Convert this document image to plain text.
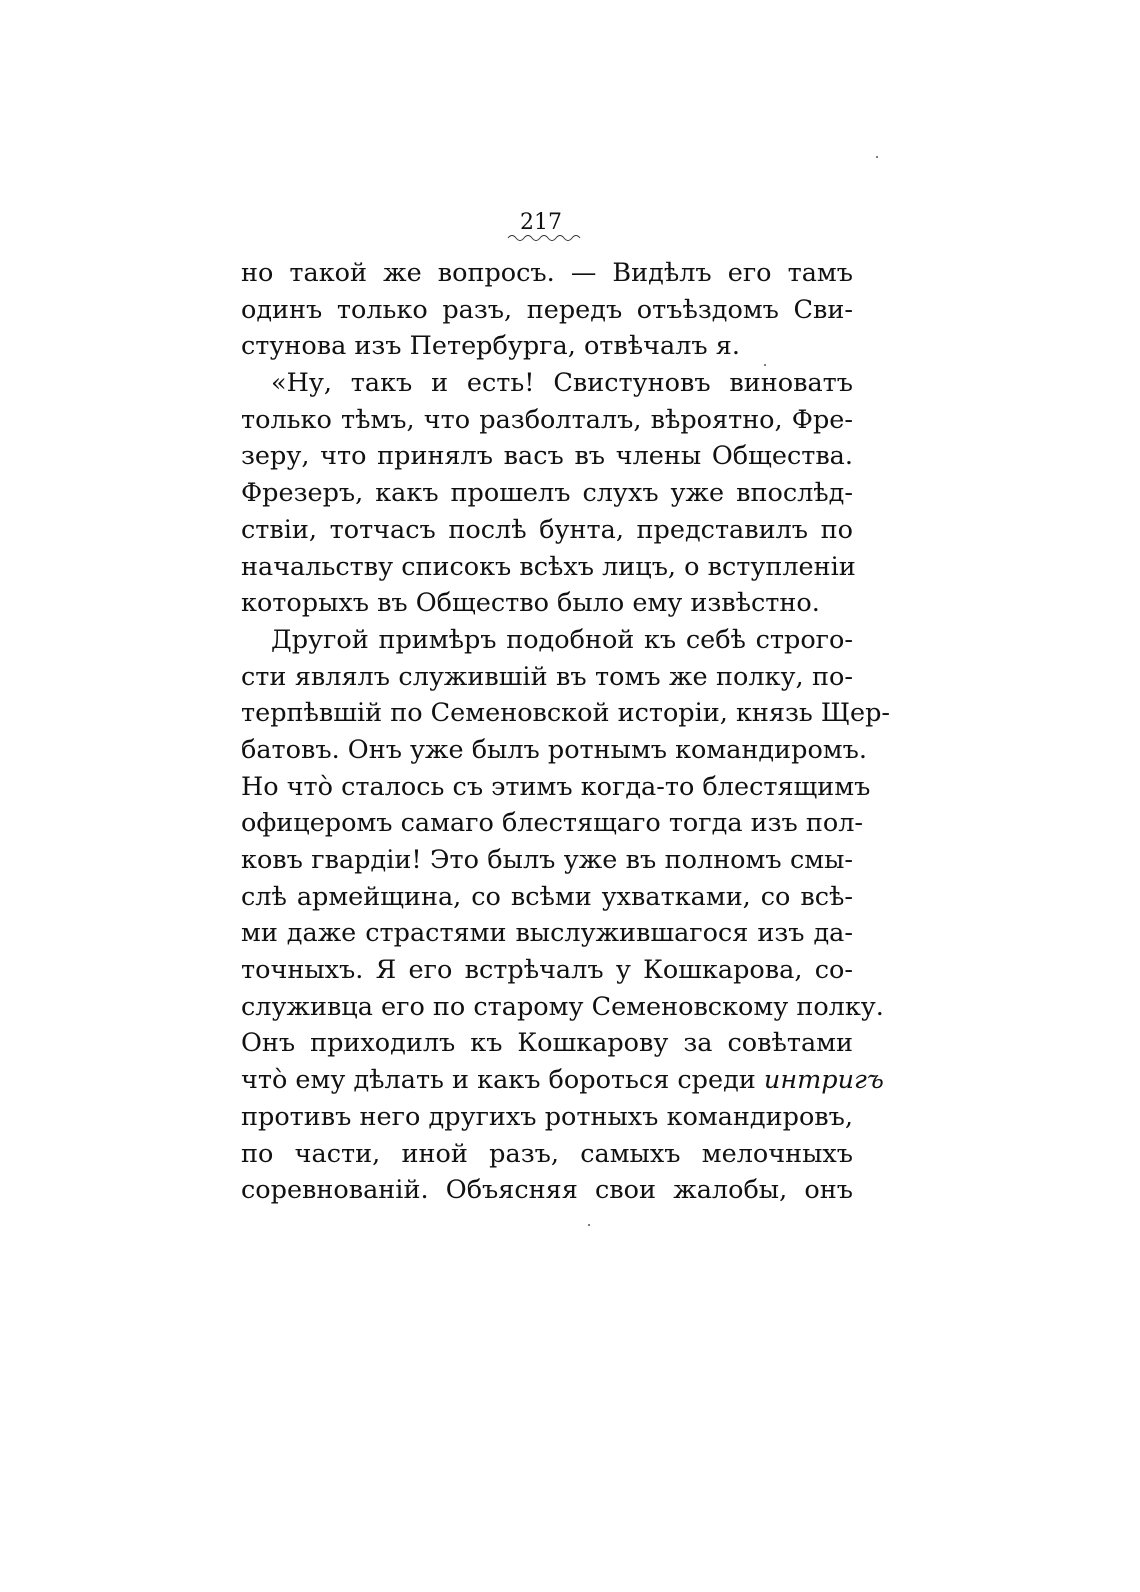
217
но такой же вопросъ. — Видѣлъ его тамъ
одинъ только разъ, передъ отъѣздомъ Сви-
стунова изъ Петербурга, отвѣчалъ я.
«Ну, такъ и есть! Свистуновъ виноватъ
только тѣмъ, что разболталъ, вѣроятно, Фре-
зеру, что принялъ васъ въ члены Общества.
Фрезеръ, какъ прошелъ слухъ уже впослѣд-
ствіи, тотчасъ послѣ бунта, представилъ по
начальству списокъ всѣхъ лицъ, о вступленіи
которыхъ въ Общество было ему извѣстно.
Другой примѣръ подобной къ себѣ строго-
сти являлъ служившій въ томъ же полку, по-
терпѣвшій по Семеновской исторіи, князь Щер-
батовъ. Онъ уже былъ ротнымъ командиромъ.
Но чтò сталось съ этимъ когда-то блестящимъ
офицеромъ самаго блестящаго тогда изъ пол-
ковъ гвардіи! Это былъ уже въ полномъ смы-
слѣ армейщина, со всѣми ухватками, со всѣ-
ми даже страстями выслужившагося изъ да-
точныхъ. Я его встрѣчалъ у Кошкарова, со-
служивца его по старому Семеновскому полку.
Онъ приходилъ къ Кошкарову за совѣтами
чтò ему дѣлать и какъ бороться среди интригъ
противъ него другихъ ротныхъ командировъ,
по части, иной разъ, самыхъ мелочныхъ
соревнованій. Объясняя свои жалобы, онъ
